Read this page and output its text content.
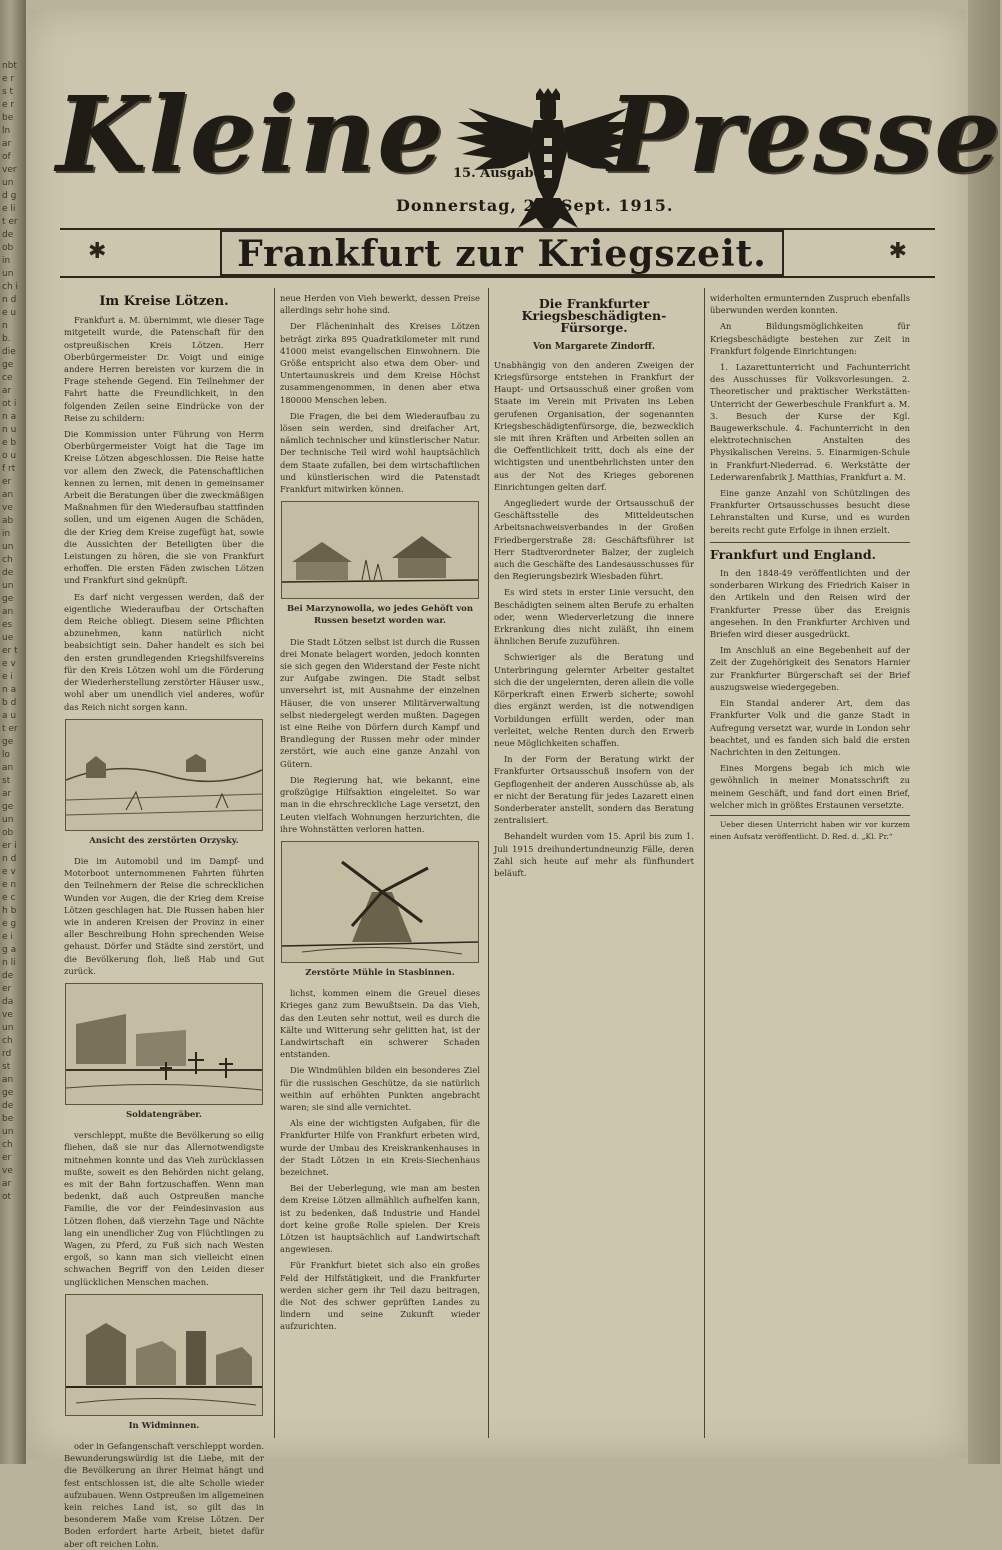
nbte rs te rbe ln ar of ver und ge lit er de ob in un ch in de un b. die ge ce ar ot in an ue bo uf rt er an ve ab in un ch de un ge an es ue er te ve in ab da ut er ge lo an st ar ge un ob er in de ve ne ch be ge ig an li de er da ve un ch rd st an ge de be un ch er ve ar ot
Kleine Presse
15. Ausgabe.
Donnerstag, 23. Sept. 1915.
✱	Frankfurt zur Kriegszeit.	✱
Im Kreise Lötzen.

Frankfurt a. M. übernimmt, wie dieser Tage mitgeteilt wurde, die Patenschaft für den ostpreußischen Kreis Lötzen. Herr Oberbürgermeister Dr. Voigt und einige andere Herren bereisten vor kurzem die in Frage stehende Gegend. Ein Teilnehmer der Fahrt hatte die Freundlichkeit, in den folgenden Zeilen seine Eindrücke von der Reise zu schildern:

Die Kommission unter Führung von Herrn Oberbürgermeister Voigt hat die Tage im Kreise Lötzen abgeschlossen. Die Reise hatte vor allem den Zweck, die Patenschaftlichen kennen zu lernen, mit denen in gemeinsamer Arbeit die Beratungen über die zweckmäßigen Maßnahmen für den Wiederaufbau stattfinden sollen, und um eigenen Augen die Schäden, die der Krieg dem Kreise zugefügt hat, sowie die Aussichten der Beteiligten über die Leistungen zu hören, die sie von Frankfurt erhoffen. Die ersten Fäden zwischen Lötzen und Frankfurt sind geknüpft.

Es darf nicht vergessen werden, daß der eigentliche Wiederaufbau der Ortschaften dem Reiche obliegt. Diesem seine Pflichten abzunehmen, kann natürlich nicht beabsichtigt sein. Daher handelt es sich bei den ersten grundlegenden Kriegshilfsvereins für den Kreis Lötzen wohl um die Förderung der Wiederherstellung zerstörter Häuser usw., wohl aber um unendlich viel anderes, wofür das Reich nicht sorgen kann.

Ansicht des zerstörten Orzysky.

Die im Automobil und im Dampf- und Motorboot unternommenen Fahrten führten den Teilnehmern der Reise die schrecklichen Wunden vor Augen, die der Krieg dem Kreise Lötzen geschlagen hat. Die Russen haben hier wie in anderen Kreisen der Provinz in einer aller Beschreibung Hohn sprechenden Weise gehaust. Dörfer und Städte sind zerstört, und die Bevölkerung floh, ließ Hab und Gut zurück.

Soldatengräber.

verschleppt, mußte die Bevölkerung so eilig fliehen, daß sie nur das Allernotwendigste mitnehmen konnte und das Vieh zurücklassen mußte, soweit es den Behörden nicht gelang, es mit der Bahn fortzuschaffen. Wenn man bedenkt, daß auch Ostpreußen manche Familie, die vor der Feindesinvasion aus Lötzen flohen, daß vierzehn Tage und Nächte lang ein unendlicher Zug von Flüchtlingen zu Wagen, zu Pferd, zu Fuß sich nach Westen ergoß, so kann man sich vielleicht einen schwachen Begriff von den Leiden dieser unglücklichen Menschen machen.

In Widminnen.

oder in Gefangenschaft verschleppt worden. Bewunderungswürdig ist die Liebe, mit der die Bevölkerung an ihrer Heimat hängt und fest entschlossen ist, die alte Scholle wieder aufzubauen. Wenn Ostpreußen im allgemeinen kein reiches Land ist, so gilt das in besonderem Maße vom Kreise Lötzen. Der Boden erfordert harte Arbeit, bietet dafür aber oft reichen Lohn.

neue Herden von Vieh bewerkt, dessen Preise allerdings sehr hohe sind.

Der Flächeninhalt des Kreises Lötzen beträgt zirka 895 Quadratkilometer mit rund 41000 meist evangelischen Einwohnern. Die Größe entspricht also etwa dem Ober- und Untertaunuskreis und dem Kreise Höchst zusammengenommen, in denen aber etwa 180000 Menschen leben.

Die Fragen, die bei dem Wiederaufbau zu lösen sein werden, sind dreifacher Art, nämlich technischer und künstlerischer Natur. Der technische Teil wird wohl hauptsächlich dem Staate zufallen, bei dem wirtschaftlichen und künstlerischen wird die Patenstadt Frankfurt mitwirken können.

Bei Marzynowolla, wo jedes Gehöft von Russen besetzt worden war.

Die Stadt Lötzen selbst ist durch die Russen drei Monate belagert worden, jedoch konnten sie sich gegen den Widerstand der Feste nicht zur Aufgabe zwingen. Die Stadt selbst unversehrt ist, mit Ausnahme der einzelnen Häuser, die von unserer Militärverwaltung selbst niedergelegt werden mußten. Dagegen ist eine Reihe von Dörfern durch Kampf und Brandlegung der Russen mehr oder minder zerstört, wie auch eine ganze Anzahl von Gütern.

Die Regierung hat, wie bekannt, eine großzügige Hilfsaktion eingeleitet. So war man in die ehrschreckliche Lage versetzt, den Leuten vielfach Wohnungen herzurichten, die ihre Wohnstätten verloren hatten.

Zerstörte Mühle in Stasbinnen.

lichst, kommen einem die Greuel dieses Krieges ganz zum Bewußtsein. Da das Vieh, das den Leuten sehr nottut, weil es durch die Kälte und Witterung sehr gelitten hat, ist der Landwirtschaft ein schwerer Schaden entstanden.

Die Windmühlen bilden ein besonderes Ziel für die russischen Geschütze, da sie natürlich weithin auf erhöhten Punkten angebracht waren; sie sind alle vernichtet.

Als eine der wichtigsten Aufgaben, für die Frankfurter Hilfe von Frankfurt erbeten wird, wurde der Umbau des Kreiskrankenhauses in der Stadt Lötzen in ein Kreis-Siechenhaus bezeichnet.

Bei der Ueberlegung, wie man am besten dem Kreise Lötzen allmählich aufhelfen kann, ist zu bedenken, daß Industrie und Handel dort keine große Rolle spielen. Der Kreis Lötzen ist hauptsächlich auf Landwirtschaft angewiesen.

Für Frankfurt bietet sich also ein großes Feld der Hilfstätigkeit, und die Frankfurter werden sicher gern ihr Teil dazu beitragen, die Not des schwer geprüften Landes zu lindern und seine Zukunft wieder aufzurichten.

Die Frankfurter Kriegsbeschädigten-Fürsorge.
Von Margarete Zindorff.

Unabhängig von den anderen Zweigen der Kriegsfürsorge entstehen in Frankfurt der Haupt- und Ortsausschuß einer großen vom Staate im Verein mit Privaten ins Leben gerufenen Organisation, der sogenannten Kriegsbeschädigtenfürsorge, die, bezwecklich sie mit ihren Kräften und Arbeiten sollen an die Oeffentlichkeit tritt, doch als eine der wichtigsten und unentbehrlichsten unter den aus der Not des Krieges geborenen Einrichtungen gelten darf.

Angegliedert wurde der Ortsausschuß der Geschäftsstelle des Mitteldeutschen Arbeitsnachweisverbandes in der Großen Friedbergerstraße 28: Geschäftsführer ist Herr Stadtverordneter Balzer, der zugleich auch die Geschäfte des Landesausschusses für den Regierungsbezirk Wiesbaden führt.

Es wird stets in erster Linie versucht, den Beschädigten seinem alten Berufe zu erhalten oder, wenn Wiederverletzung die innere Erkrankung dies nicht zuläßt, ihn einem ähnlichen Berufe zuzuführen.

Schwieriger als die Beratung und Unterbringung gelernter Arbeiter gestaltet sich die der ungelernten, deren allein die volle Körperkraft einen Erwerb sicherte; sowohl dies ergänzt werden, ist die notwendigen Vorbildungen erfüllt werden, oder man verleitet, welche Renten durch den Erwerb neue Möglichkeiten schaffen.

In der Form der Beratung wirkt der Frankfurter Ortsausschuß insofern von der Gepflogenheit der anderen Ausschüsse ab, als er nicht der Beratung für jedes Lazarett einen Sonderberater anstellt, sondern das Beratung zentralisiert.

Behandelt wurden vom 15. April bis zum 1. Juli 1915 dreihundertundneunzig Fälle, deren Zahl sich heute auf mehr als fünfhundert beläuft.

widerholten ermunternden Zuspruch ebenfalls überwunden werden konnten.

An Bildungsmöglichkeiten für Kriegsbeschädigte bestehen zur Zeit in Frankfurt folgende Einrichtungen:

1. Lazarettunterricht und Fachunterricht des Ausschusses für Volksvorlesungen. 2. Theoretischer und praktischer Werkstätten-Unterricht der Gewerbeschule Frankfurt a. M. 3. Besuch der Kurse der Kgl. Baugewerkschule. 4. Fachunterricht in den elektrotechnischen Anstalten des Physikalischen Vereins. 5. Einarmigen-Schule in Frankfurt-Niederrad. 6. Werkstätte der Lederwarenfabrik J. Matthias, Frankfurt a. M.

Eine ganze Anzahl von Schützlingen des Frankfurter Ortsausschusses besucht diese Lehranstalten und Kurse, und es wurden bereits recht gute Erfolge in ihnen erzielt.

Frankfurt und England.

In den 1848-49 veröffentlichten und der sonderbaren Wirkung des Friedrich Kaiser in den Artikeln und den Reisen wird der Frankfurter Presse über das Ereignis angesehen. In den Frankfurter Archiven und Briefen wird dieser ausgedrückt.

Im Anschluß an eine Begebenheit auf der Zeit der Zugehörigkeit des Senators Harnier zur Frankfurter Bürgerschaft sei der Brief auszugsweise wiedergegeben.

Ein Standal anderer Art, dem das Frankfurter Volk und die ganze Stadt in Aufregung versetzt war, wurde in London sehr beachtet, und es fanden sich bald die ersten Nachrichten in den Zeitungen.

Eines Morgens begab ich mich wie gewöhnlich in meiner Monatsschrift zu meinem Geschäft, und fand dort einen Brief, welcher mich in größtes Erstaunen versetzte.

Ueber diesen Unterricht haben wir vor kurzem einen Aufsatz veröffentlicht. D. Red. d. „Kl. Pr.“
